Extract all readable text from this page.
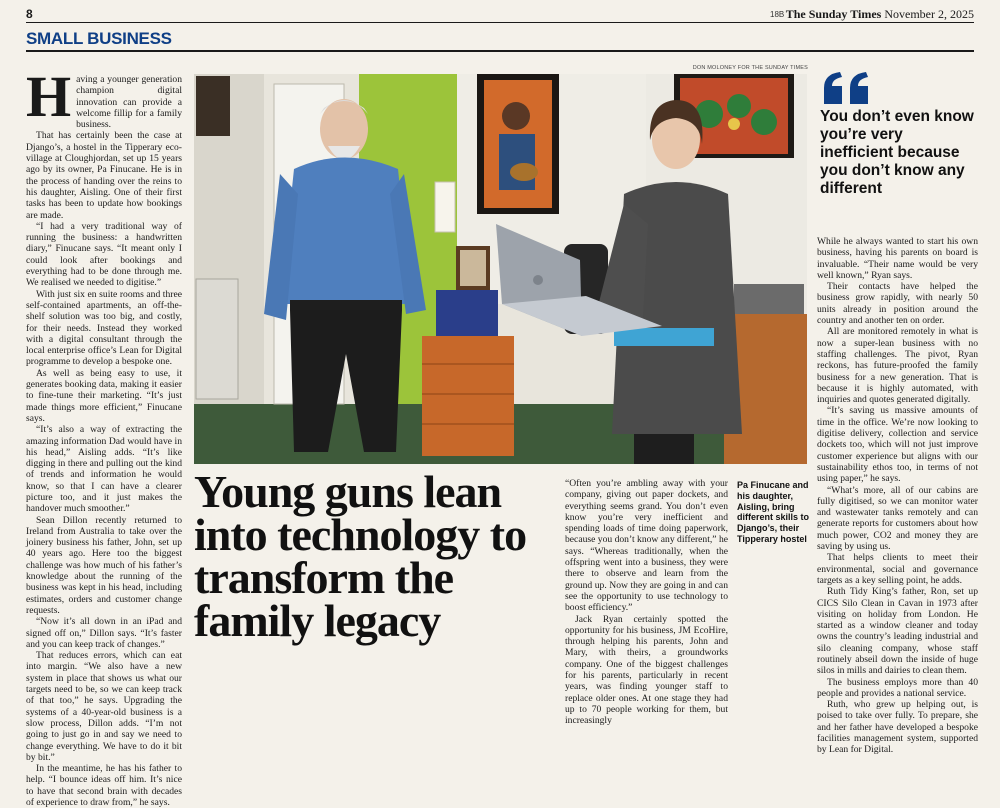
8	18B The Sunday Times November 2, 2025
SMALL BUSINESS
H aving a younger generation champion digital innovation can provide a welcome fillip for a family business.

That has certainly been the case at Django’s, a hostel in the Tipperary eco-village at Cloughjordan, set up 15 years ago by its owner, Pa Finucane. He is in the process of handing over the reins to his daughter, Aisling. One of their first tasks has been to update how bookings are made.

“I had a very traditional way of running the business: a handwritten diary,” Finucane says. “It meant only I could look after bookings and everything had to be done through me. We realised we needed to digitise.”

With just six en suite rooms and three self-contained apartments, an off-the-shelf solution was too big, and costly, for their needs. Instead they worked with a digital consultant through the local enterprise office’s Lean for Digital programme to develop a bespoke one.

As well as being easy to use, it generates booking data, making it easier to fine-tune their marketing. “It’s just made things more efficient,” Finucane says.

“It’s also a way of extracting the amazing information Dad would have in his head,” Aisling adds. “It’s like digging in there and pulling out the kind of trends and information he would know, so that I can have a clearer picture too, and it just makes the handover much smoother.”

Sean Dillon recently returned to Ireland from Australia to take over the joinery business his father, John, set up 40 years ago. Here too the biggest challenge was how much of his father’s knowledge about the running of the business was kept in his head, including estimates, orders and customer change requests.

“Now it’s all down in an iPad and signed off on,” Dillon says. “It’s faster and you can keep track of changes.”

That reduces errors, which can eat into margin. “We also have a new system in place that shows us what our targets need to be, so we can keep track of that too,” he says. Upgrading the systems of a 40-year-old business is a slow process, Dillon adds. “I’m not going to just go in and say we need to change everything. We have to do it bit by bit.”

In the meantime, he has his father to help. “I bounce ideas off him. It’s nice to have that second brain with decades of experience to draw from,” he says.

DON MOLONEY FOR THE SUNDAY TIMES
Young guns lean into technology to transform the family legacy

“Often you’re ambling away with your company, giving out paper dockets, and everything seems grand. You don’t even know you’re very inefficient and spending loads of time doing paperwork, because you don’t know any different,” he says. “Whereas traditionally, when the offspring went into a business, they were there to observe and learn from the ground up. Now they are going in and can see the opportunity to use technology to boost efficiency.”

Jack Ryan certainly spotted the opportunity for his business, JM EcoHire, through helping his parents, John and Mary, with theirs, a groundworks company. One of the biggest challenges for his parents, particularly in recent years, was finding younger staff to replace older ones. At one stage they had up to 70 people working for them, but increasingly

Pa Finucane and his daughter, Aisling, bring different skills to Django’s, their Tipperary hostel
You don’t even know you’re very inefficient because you don’t know any different

While he always wanted to start his own business, having his parents on board is invaluable. “Their name would be very well known,” Ryan says.

Their contacts have helped the business grow rapidly, with nearly 50 units already in position around the country and another ten on order.

All are monitored remotely in what is now a super-lean business with no staffing challenges. The pivot, Ryan reckons, has future-proofed the family business for a new generation. That is because it is highly automated, with inquiries and quotes generated digitally.

“It’s saving us massive amounts of time in the office. We’re now looking to digitise delivery, collection and service dockets too, which will not just improve customer experience but aligns with our sustainability ethos too, in terms of not using paper,” he says.

“What’s more, all of our cabins are fully digitised, so we can monitor water and wastewater tanks remotely and can generate reports for customers about how much power, CO2 and money they are saving by using us.

That helps clients to meet their environmental, social and governance targets as a key selling point, he adds.

Ruth Tidy King’s father, Ron, set up CICS Silo Clean in Cavan in 1973 after visiting on holiday from London. He started as a window cleaner and today owns the country’s leading industrial and silo cleaning company, whose staff routinely abseil down the inside of huge silos in mills and dairies to clean them.

The business employs more than 40 people and provides a national service.

Ruth, who grew up helping out, is poised to take over fully. To prepare, she and her father have developed a bespoke facilities management system, supported by Lean for Digital.
